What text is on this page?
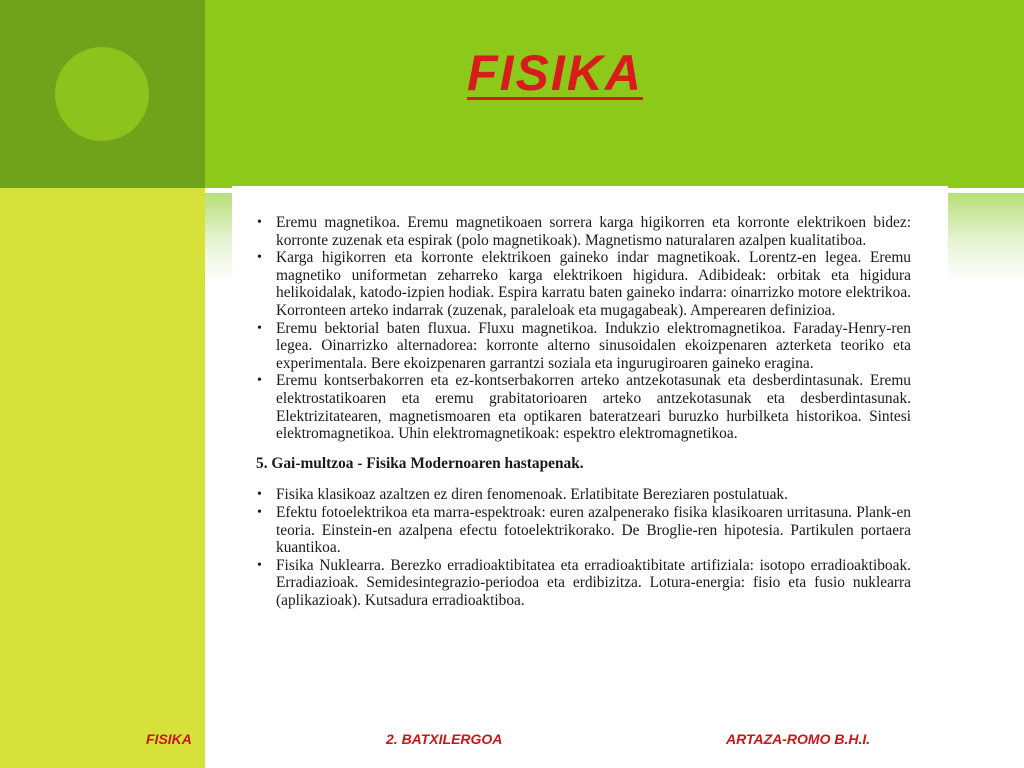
FISIKA
• Eremu magnetikoa. Eremu magnetikoaen sorrera karga higikorren eta korronte elektrikoen bidez: korronte zuzenak eta espirak (polo magnetikoak). Magnetismo naturalaren azalpen kualitatiboa.
• Karga higikorren eta korronte elektrikoen gaineko indar magnetikoak. Lorentz-en legea. Eremu magnetiko uniformetan zeharreko karga elektrikoen higidura. Adibideak: orbitak eta higidura helikoidalak, katodo-izpien hodiak. Espira karratu baten gaineko indarra: oinarrizko motore elektrikoa. Korronteen arteko indarrak (zuzenak, paraleloak eta mugagabeak). Amperearen definizioa.
• Eremu bektorial baten fluxua. Fluxu magnetikoa. Indukzio elektromagnetikoa. Faraday-Henry-ren legea. Oinarrizko alternadorea: korronte alterno sinusoidalen ekoizpenaren azterketa teoriko eta experimentala. Bere ekoizpenaren garrantzi soziala eta ingurugiroaren gaineko eragina.
• Eremu kontserbakorren eta ez-kontserbakorren arteko antzekotasunak eta desberdintasunak. Eremu elektrostatikoaren eta eremu grabitatorioaren arteko antzekotasunak eta desberdintasunak. Elektrizitatearen, magnetismoaren eta optikaren bateratzeari buruzko hurbilketa historikoa. Sintesi elektromagnetikoa. Uhin elektromagnetikoak: espektro elektromagnetikoa.
5. Gai-multzoa - Fisika Modernoaren hastapenak.
• Fisika klasikoaz azaltzen ez diren fenomenoak. Erlatibitate Bereziaren postulatuak.
• Efektu fotoelektrikoa eta marra-espektroak: euren azalpenerako fisika klasikoaren urritasuna. Plank-en teoria. Einstein-en azalpena efectu fotoelektrikorako. De Broglie-ren hipotesia. Partikulen portaera kuantikoa.
• Fisika Nuklearra. Berezko erradioaktibitatea eta erradioaktibitate artifiziala: isotopo erradioaktiboak. Erradiazioak. Semidesintegrazio-periodoa eta erdibizitza. Lotura-energia: fisio eta fusio nuklearra (aplikazioak). Kutsadura erradioaktiboa.
FISIKA	2. BATXILERGOA	ARTAZA-ROMO B.H.I.
